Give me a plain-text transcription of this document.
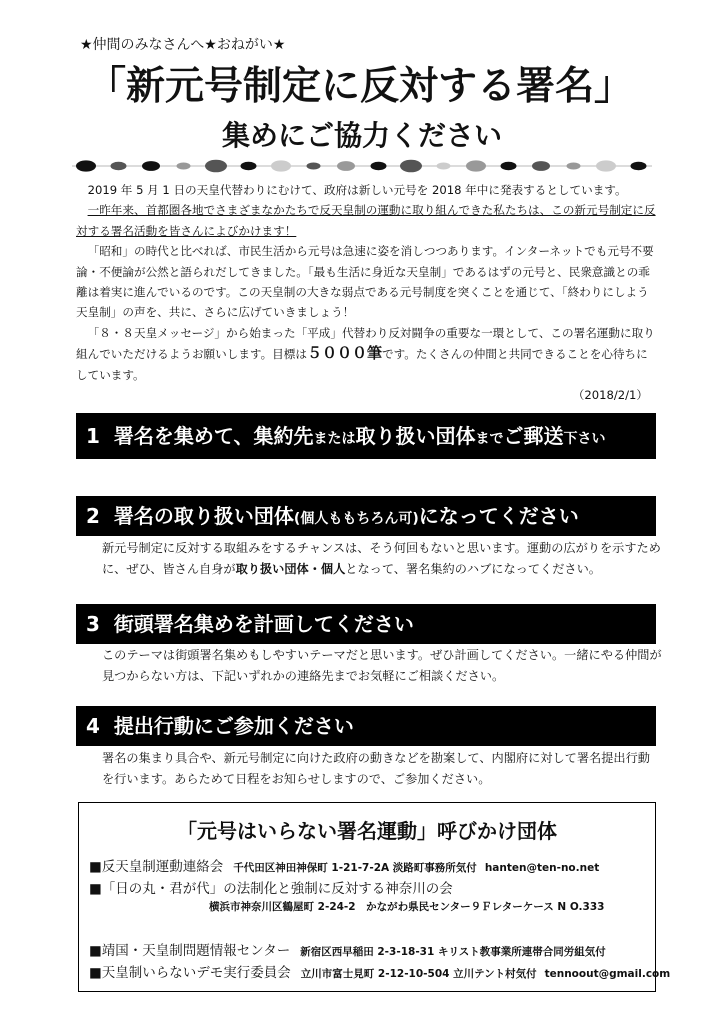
★仲間のみなさんへ★おねがい★
「新元号制定に反対する署名」
集めにご協力ください

2019 年 5 月 1 日の天皇代替わりにむけて、政府は新しい元号を 2018 年中に発表するとしています。

一昨年来、首都圏各地でさまざまなかたちで反天皇制の運動に取り組んできた私たちは、この新元号制定に反対する署名活動を皆さんによびかけます！

「昭和」の時代と比べれば、市民生活から元号は急速に姿を消しつつあります。インターネットでも元号不要論・不便論が公然と語られだしてきました。「最も生活に身近な天皇制」であるはずの元号と、民衆意識との乖離は着実に進んでいるのです。この天皇制の大きな弱点である元号制度を突くことを通じて、「終わりにしよう天皇制」の声を、共に、さらに広げていきましょう！

「８・８天皇メッセージ」から始まった「平成」代替わり反対闘争の重要な一環として、この署名運動に取り組んでいただけるようお願いします。目標は５０００筆です。たくさんの仲間と共同できることを心待ちにしています。

（2018/2/1）

1 署名を集めて、集約先または取り扱い団体までご郵送下さい
2 署名の取り扱い団体(個人ももちろん可)になってください
新元号制定に反対する取組みをするチャンスは、そう何回もないと思います。運動の広がりを示すために、ぜひ、皆さん自身が取り扱い団体・個人となって、署名集約のハブになってください。
3 街頭署名集めを計画してください
このテーマは街頭署名集めもしやすいテーマだと思います。ぜひ計画してください。一緒にやる仲間が見つからない方は、下記いずれかの連絡先までお気軽にご相談ください。
4 提出行動にご参加ください
署名の集まり具合や、新元号制定に向けた政府の動きなどを勘案して、内閣府に対して署名提出行動を行います。あらためて日程をお知らせしますので、ご参加ください。
「元号はいらない署名運動」呼びかけ団体
■反天皇制運動連絡会 千代田区神田神保町 1-21-7-2A 淡路町事務所気付 hanten@ten-no.net
■「日の丸・君が代」の法制化と強制に反対する神奈川の会
横浜市神奈川区鶴屋町 2-24-2　かながわ県民センター９Ｆレターケース N O.333
■靖国・天皇制問題情報センター 新宿区西早稲田 2-3-18-31 キリスト教事業所連帯合同労組気付
■天皇制いらないデモ実行委員会 立川市富士見町 2-12-10-504 立川テント村気付 tennoout@gmail.com
